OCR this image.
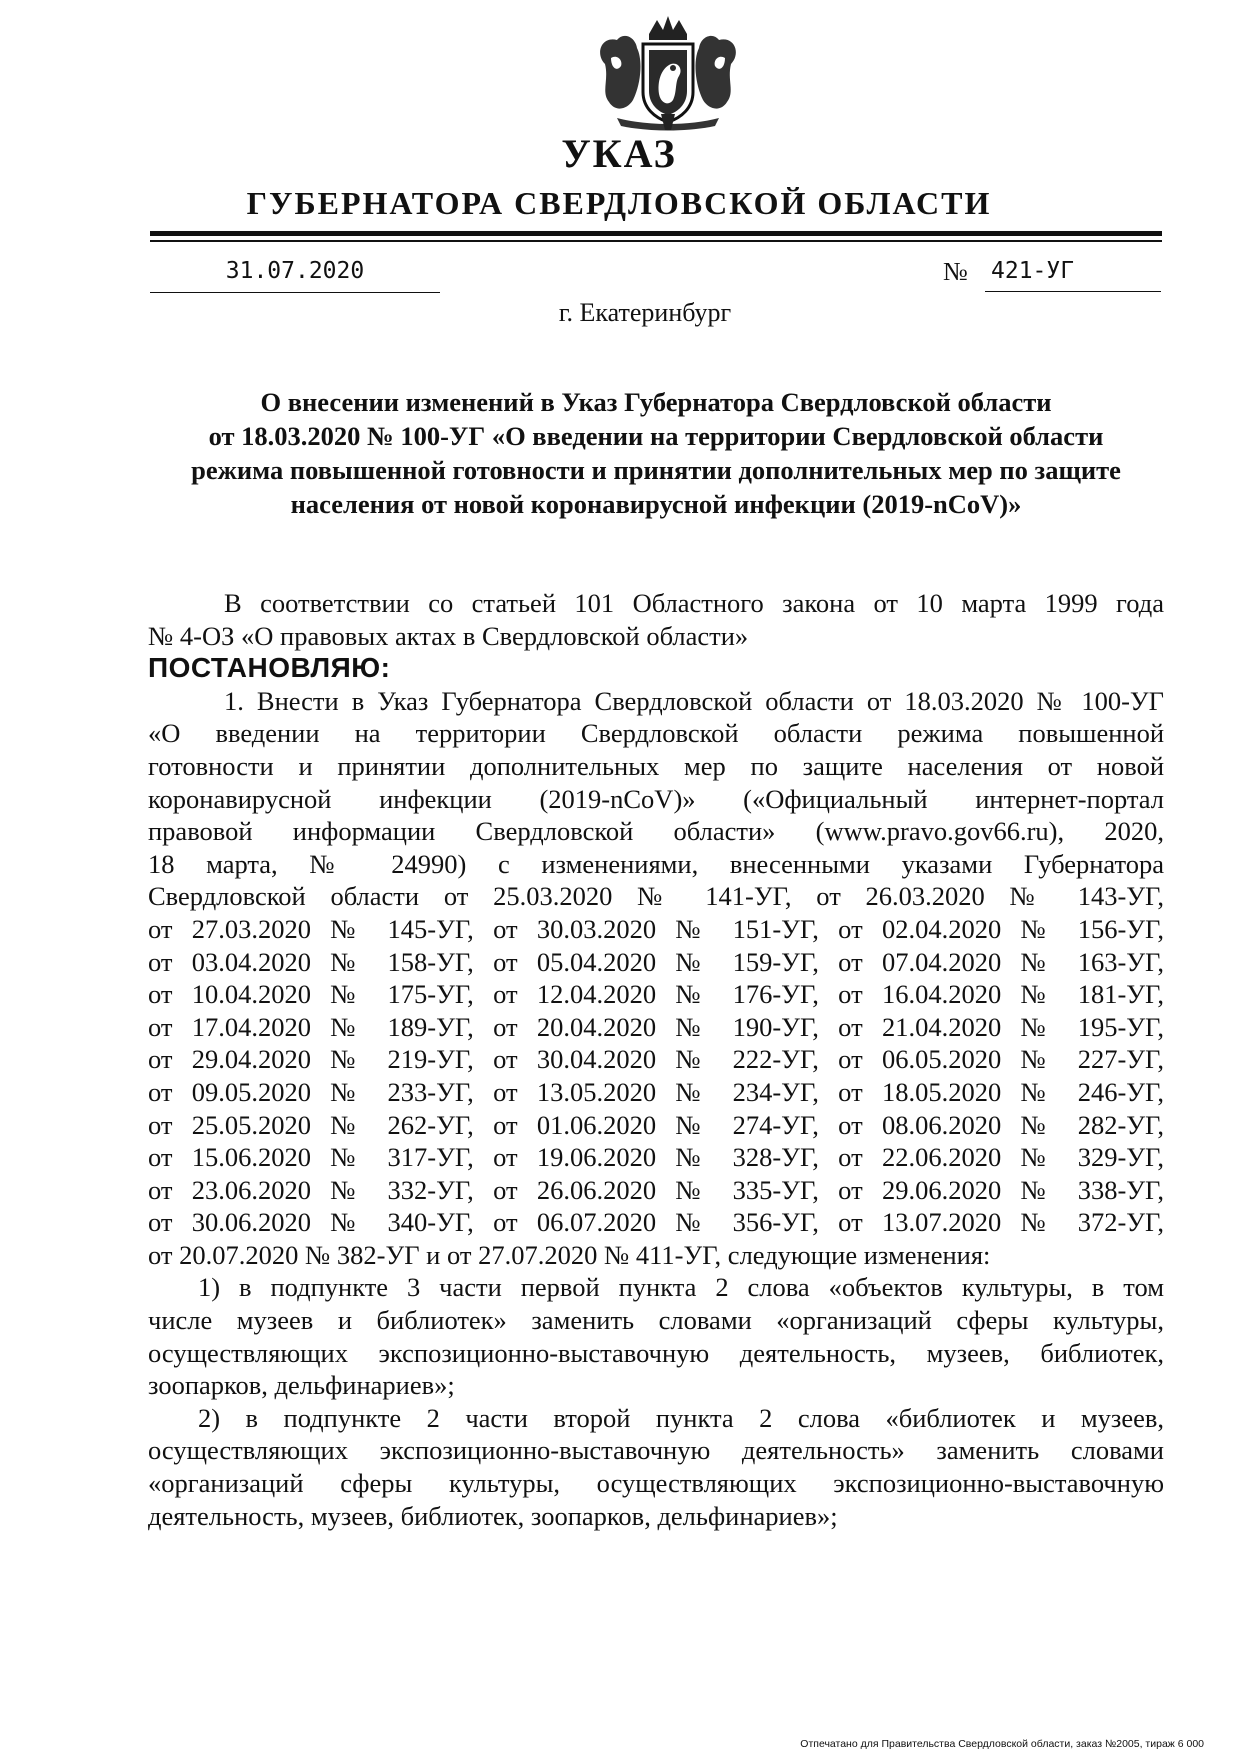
УКАЗ
ГУБЕРНАТОРА СВЕРДЛОВСКОЙ ОБЛАСТИ
31.07.2020	№ 421-УГ
г. Екатеринбург
О внесении изменений в Указ Губернатора Свердловской области
от 18.03.2020 № 100-УГ «О введении на территории Свердловской области
режима повышенной готовности и принятии дополнительных мер по защите
населения от новой коронавирусной инфекции (2019-nCoV)»
В соответствии со статьей 101 Областного закона от 10 марта 1999 года
№ 4-ОЗ «О правовых актах в Свердловской области»
ПОСТАНОВЛЯЮ:
1. Внести в Указ Губернатора Свердловской области от 18.03.2020 № 100-УГ
«О введении на территории Свердловской области режима повышенной
готовности и принятии дополнительных мер по защите населения от новой
коронавирусной инфекции (2019-nCoV)» («Официальный интернет-портал
правовой информации Свердловской области» (www.pravo.gov66.ru), 2020,
18 марта, № 24990) с изменениями, внесенными указами Губернатора
Свердловской области от 25.03.2020 № 141-УГ, от 26.03.2020 № 143-УГ,
от 27.03.2020 № 145-УГ, от 30.03.2020 № 151-УГ, от 02.04.2020 № 156-УГ,
от 03.04.2020 № 158-УГ, от 05.04.2020 № 159-УГ, от 07.04.2020 № 163-УГ,
от 10.04.2020 № 175-УГ, от 12.04.2020 № 176-УГ, от 16.04.2020 № 181-УГ,
от 17.04.2020 № 189-УГ, от 20.04.2020 № 190-УГ, от 21.04.2020 № 195-УГ,
от 29.04.2020 № 219-УГ, от 30.04.2020 № 222-УГ, от 06.05.2020 № 227-УГ,
от 09.05.2020 № 233-УГ, от 13.05.2020 № 234-УГ, от 18.05.2020 № 246-УГ,
от 25.05.2020 № 262-УГ, от 01.06.2020 № 274-УГ, от 08.06.2020 № 282-УГ,
от 15.06.2020 № 317-УГ, от 19.06.2020 № 328-УГ, от 22.06.2020 № 329-УГ,
от 23.06.2020 № 332-УГ, от 26.06.2020 № 335-УГ, от 29.06.2020 № 338-УГ,
от 30.06.2020 № 340-УГ, от 06.07.2020 № 356-УГ, от 13.07.2020 № 372-УГ,
от 20.07.2020 № 382-УГ и от 27.07.2020 № 411-УГ, следующие изменения:
1) в подпункте 3 части первой пункта 2 слова «объектов культуры, в том
числе музеев и библиотек» заменить словами «организаций сферы культуры,
осуществляющих экспозиционно-выставочную деятельность, музеев, библиотек,
зоопарков, дельфинариев»;
2) в подпункте 2 части второй пункта 2 слова «библиотек и музеев,
осуществляющих экспозиционно-выставочную деятельность» заменить словами
«организаций сферы культуры, осуществляющих экспозиционно-выставочную
деятельность, музеев, библиотек, зоопарков, дельфинариев»;
Отпечатано для Правительства Свердловской области, заказ №2005, тираж 6 000
